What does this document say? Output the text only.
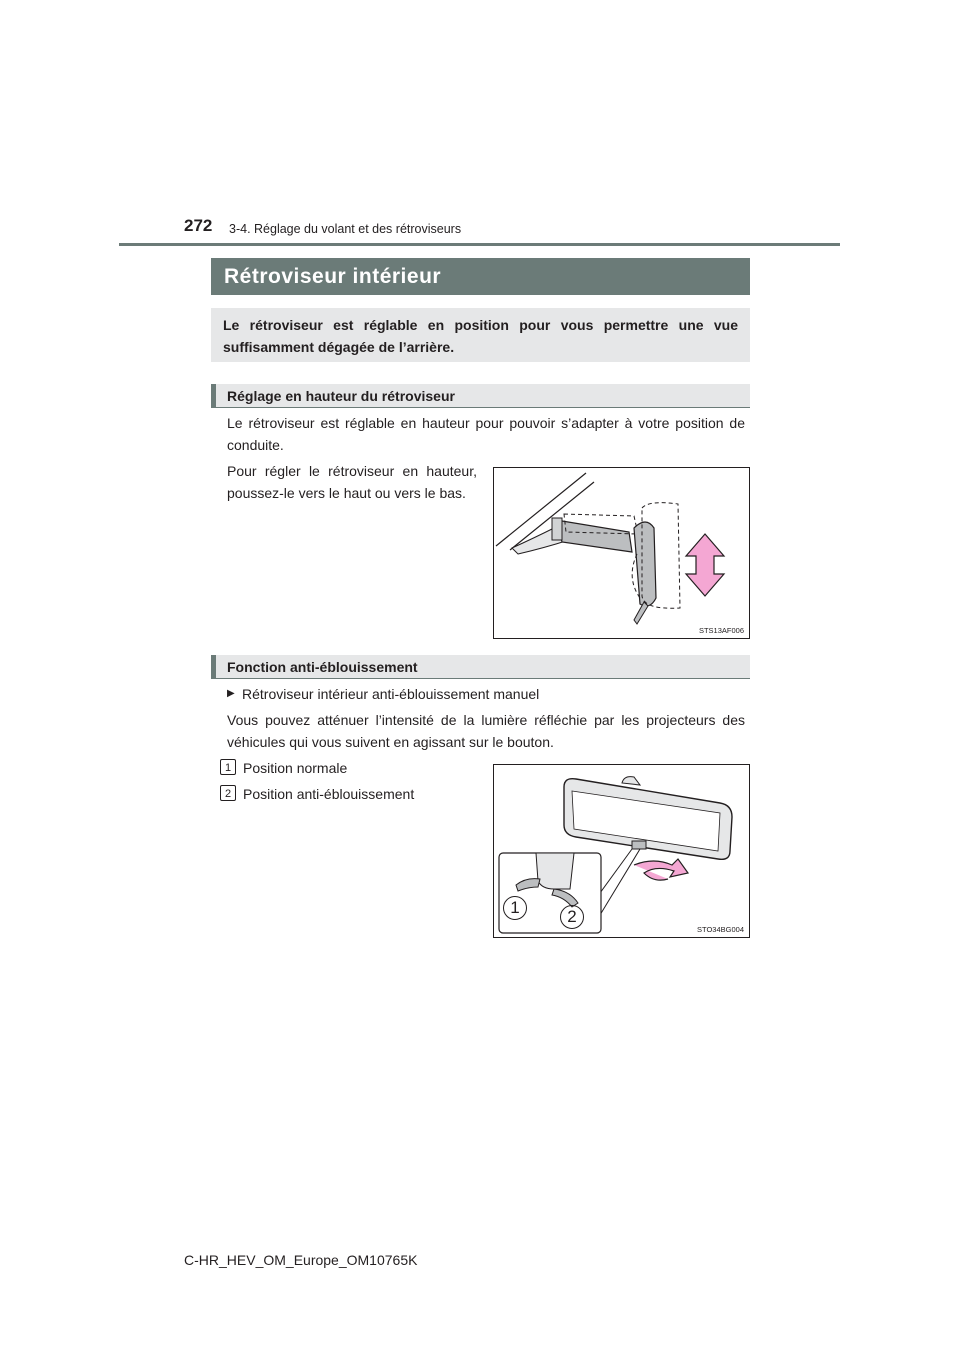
272 3-4. Réglage du volant et des rétroviseurs
Rétroviseur intérieur
Le rétroviseur est réglable en position pour vous permettre une vue suffisamment dégagée de l’arrière.
Réglage en hauteur du rétroviseur
Le rétroviseur est réglable en hauteur pour pouvoir s’adapter à votre position de conduite.
Pour régler le rétroviseur en hauteur, poussez-le vers le haut ou vers le bas.
STS13AF006
Fonction anti-éblouissement
▶ Rétroviseur intérieur anti-éblouissement manuel
Vous pouvez atténuer l’intensité de la lumière réfléchie par les projecteurs des véhicules qui vous suivent en agissant sur le bouton.
1 Position normale
2 Position anti-éblouissement
1	2
STO34BG004
C-HR_HEV_OM_Europe_OM10765K
